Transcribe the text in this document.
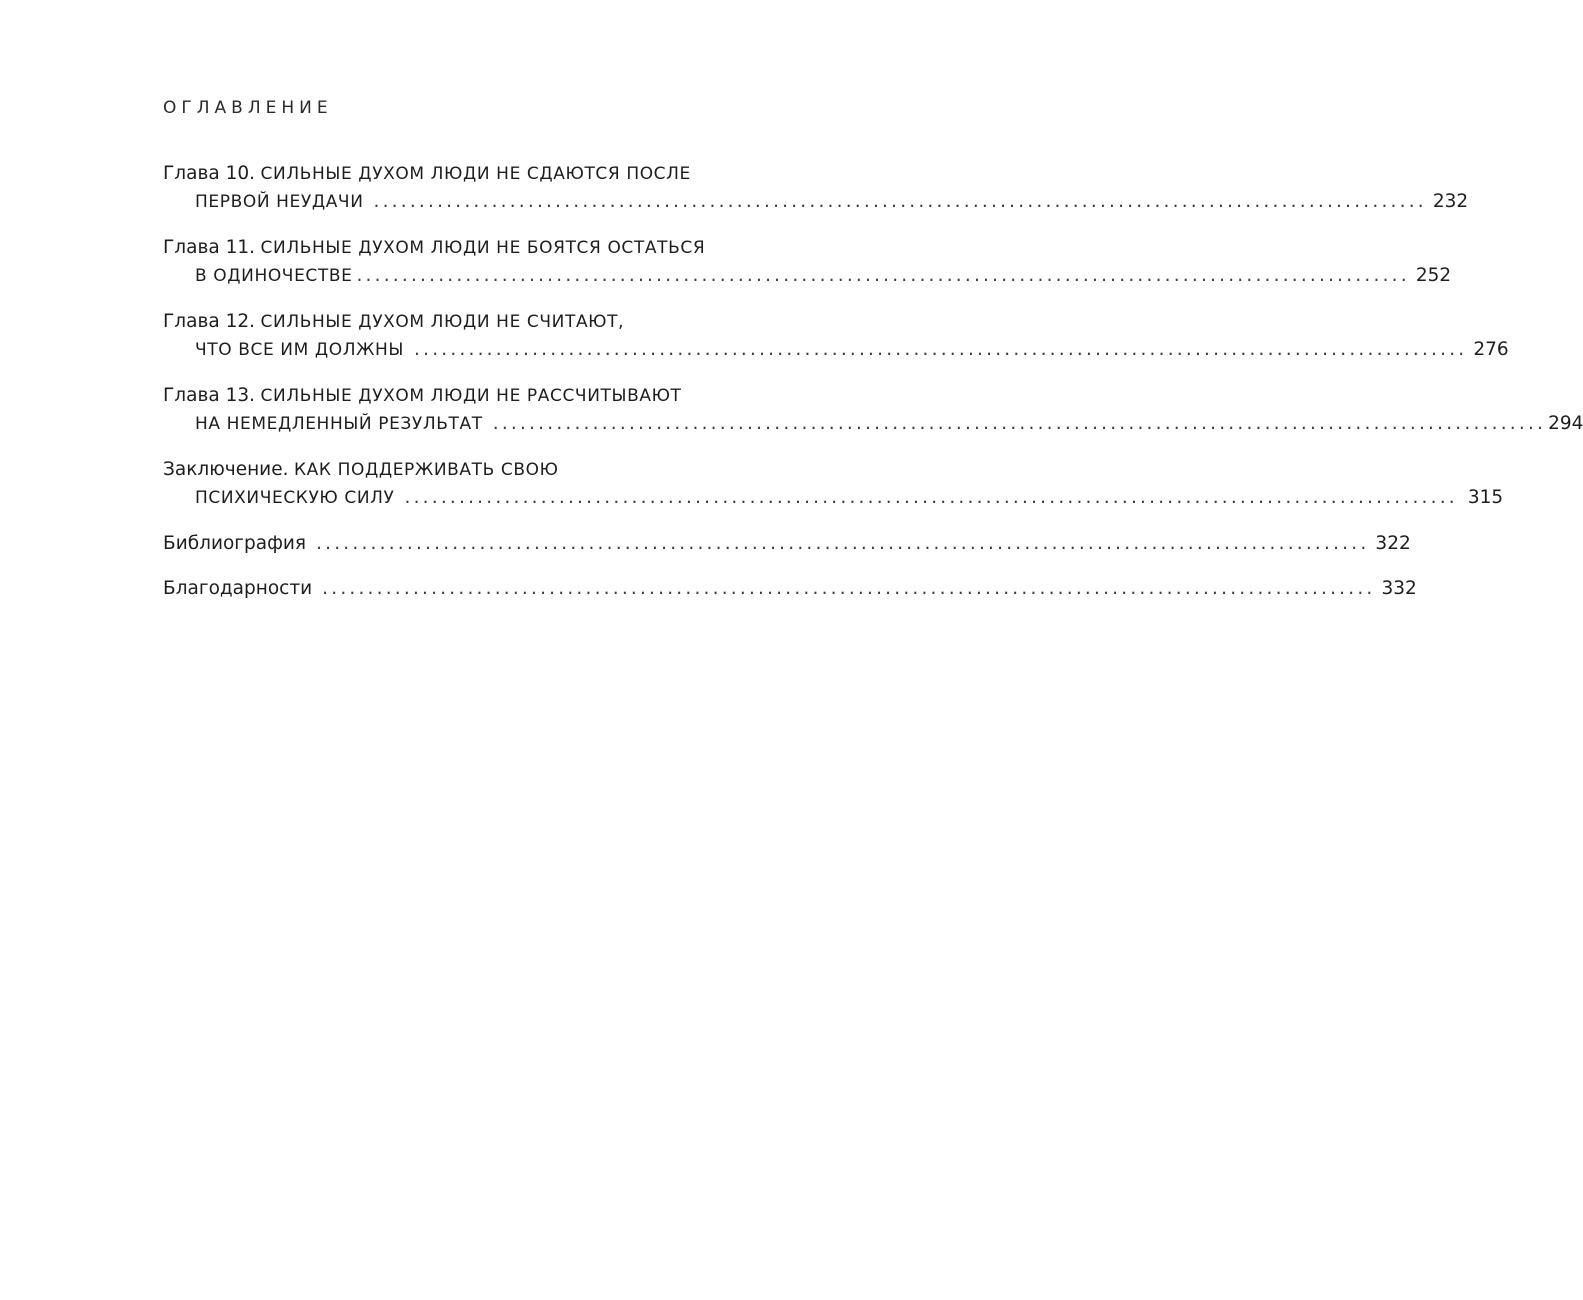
ОГЛАВЛЕНИЕ
Глава 10. СИЛЬНЫЕ ДУХОМ ЛЮДИ НЕ СДАЮТСЯ ПОСЛЕ
ПЕРВОЙ НЕУДАЧИ .................................................................................................................... 232
Глава 11. СИЛЬНЫЕ ДУХОМ ЛЮДИ НЕ БОЯТСЯ ОСТАТЬСЯ
В ОДИНОЧЕСТВЕ .................................................................................................................... 252
Глава 12. СИЛЬНЫЕ ДУХОМ ЛЮДИ НЕ СЧИТАЮТ,
ЧТО ВСЕ ИМ ДОЛЖНЫ .................................................................................................................... 276
Глава 13. СИЛЬНЫЕ ДУХОМ ЛЮДИ НЕ РАССЧИТЫВАЮТ
НА НЕМЕДЛЕННЫЙ РЕЗУЛЬТАТ .................................................................................................................... 294
Заключение. КАК ПОДДЕРЖИВАТЬ СВОЮ
ПСИХИЧЕСКУЮ СИЛУ .................................................................................................................... 315
Библиография .................................................................................................................... 322
Благодарности .................................................................................................................... 332
